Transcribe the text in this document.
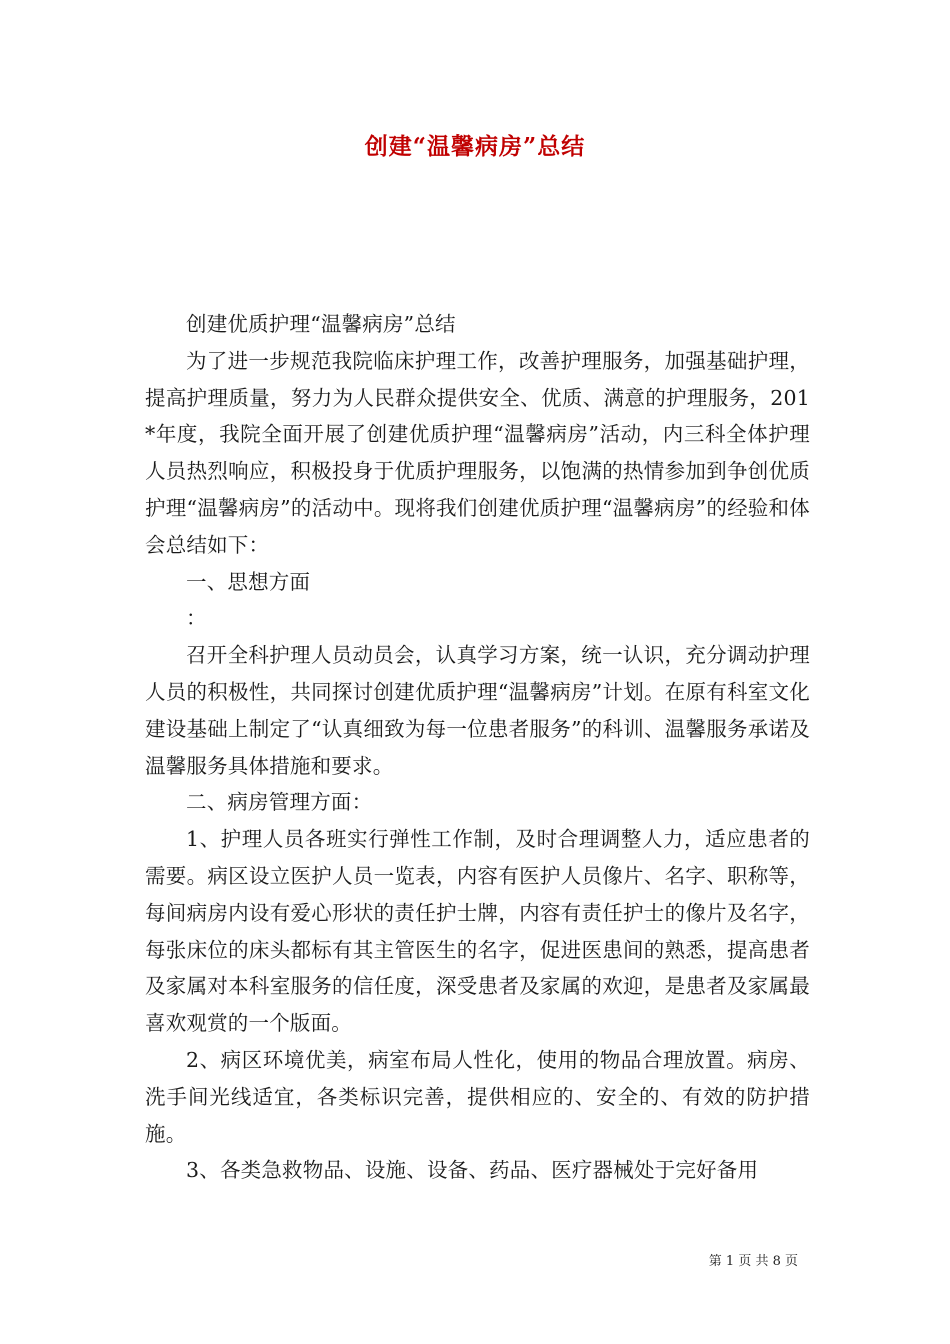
创建“温馨病房”总结

创建优质护理“温馨病房”总结

为了进一步规范我院临床护理工作，改善护理服务，加强基础护理，提高护理质量，努力为人民群众提供安全、优质、满意的护理服务，201*年度，我院全面开展了创建优质护理“温馨病房”活动，内三科全体护理人员热烈响应，积极投身于优质护理服务，以饱满的热情参加到争创优质护理“温馨病房”的活动中。现将我们创建优质护理“温馨病房”的经验和体会总结如下：

一、思想方面

：

召开全科护理人员动员会，认真学习方案，统一认识，充分调动护理人员的积极性，共同探讨创建优质护理“温馨病房”计划。在原有科室文化建设基础上制定了“认真细致为每一位患者服务”的科训、温馨服务承诺及温馨服务具体措施和要求。

二、病房管理方面：

1、护理人员各班实行弹性工作制，及时合理调整人力，适应患者的需要。病区设立医护人员一览表，内容有医护人员像片、名字、职称等，每间病房内设有爱心形状的责任护士牌，内容有责任护士的像片及名字，每张床位的床头都标有其主管医生的名字，促进医患间的熟悉，提高患者及家属对本科室服务的信任度，深受患者及家属的欢迎，是患者及家属最喜欢观赏的一个版面。

2、病区环境优美，病室布局人性化，使用的物品合理放置。病房、洗手间光线适宜，各类标识完善，提供相应的、安全的、有效的防护措施。

3、各类急救物品、设施、设备、药品、医疗器械处于完好备用

第 1 页 共 8 页
